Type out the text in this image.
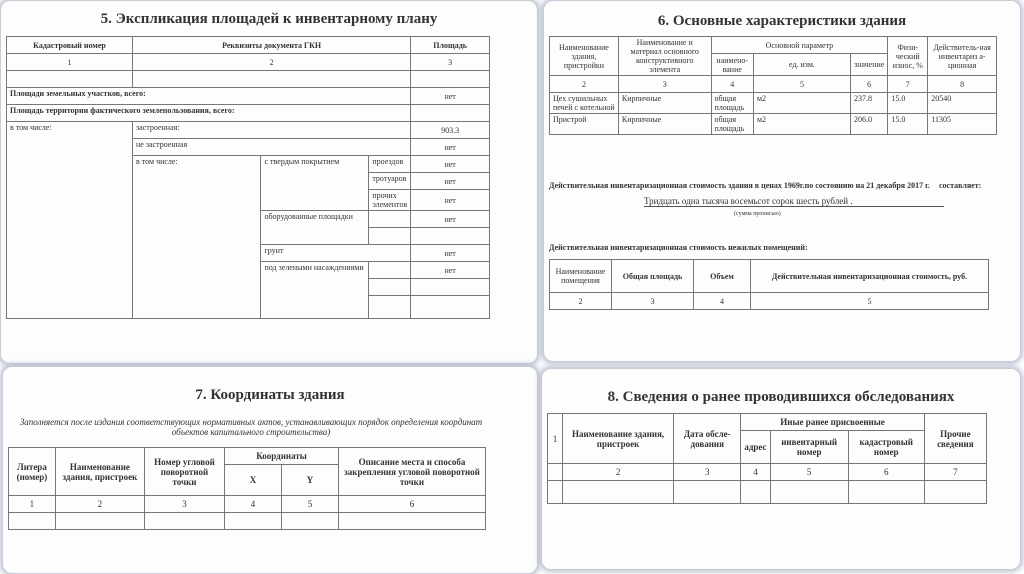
5. Экспликация площадей к инвентарному плану
Кадастровый номер	Реквизиты документа ГКН			Площадь
1	2			3

Площади земельных участков, всего:				нет
Площадь территории фактического землепользования, всего:				
в том числе:	застроенная:			903.3
	не застроенная			нет
	в том числе:	с твердым покрытием	проездов	нет
			тротуаров	нет
			прочих элементов	нет
		оборудованные площадки		нет

		грунт		нет
		под зелеными насаждениями		нет

6. Основные характеристики здания
Наименование здания, пристройки	Наименование и материал основного конструктивного элемента	Основной параметр			Физи-ческий износ, %	Действитель-ная инвентариз а- ционная
		наимено-вание	ед. изм.	значение		
2	3	4	5	6	7	8
Цех сушильных печей с котельной	Кирпичные	общая площадь	м2	237.8	15.0	20540
Пристрой	Кирпичные	общая площадь	м2	206.0	15.0	11305
Действительная инвентаризационная стоимость здания в ценах 1969г.по состоянию на 21 декабря 2017 г. составляет:
Тридцать одна тысяча восемьсот сорок шесть рублей .
(сумма прописью)
Действительная инвентаризационная стоимость нежилых помещений:
Наименование помещения	Общая площадь	Объем	Действительная инвентаризационная стоимость, руб.
2	3	4	5
7. Координаты здания
Заполняется после издания соответствующих нормативных актов, устанавливающих порядок определения координат объектов капитального строительства)
Литера (номер)	Наименование здания, пристроек	Номер угловой поворотной точки	Координаты		Описание места и способа закрепления угловой поворотной точки
			X	Y	
1	2	3	4	5	6

8. Сведения о ранее проводившихся обследованиях
1	Наименование здания, пристроек	Дата обсле-дования	Иные ранее присвоенные			Прочие сведения
			адрес	инвентарный номер	кадастровый номер	
	2	3	4	5	6	7
